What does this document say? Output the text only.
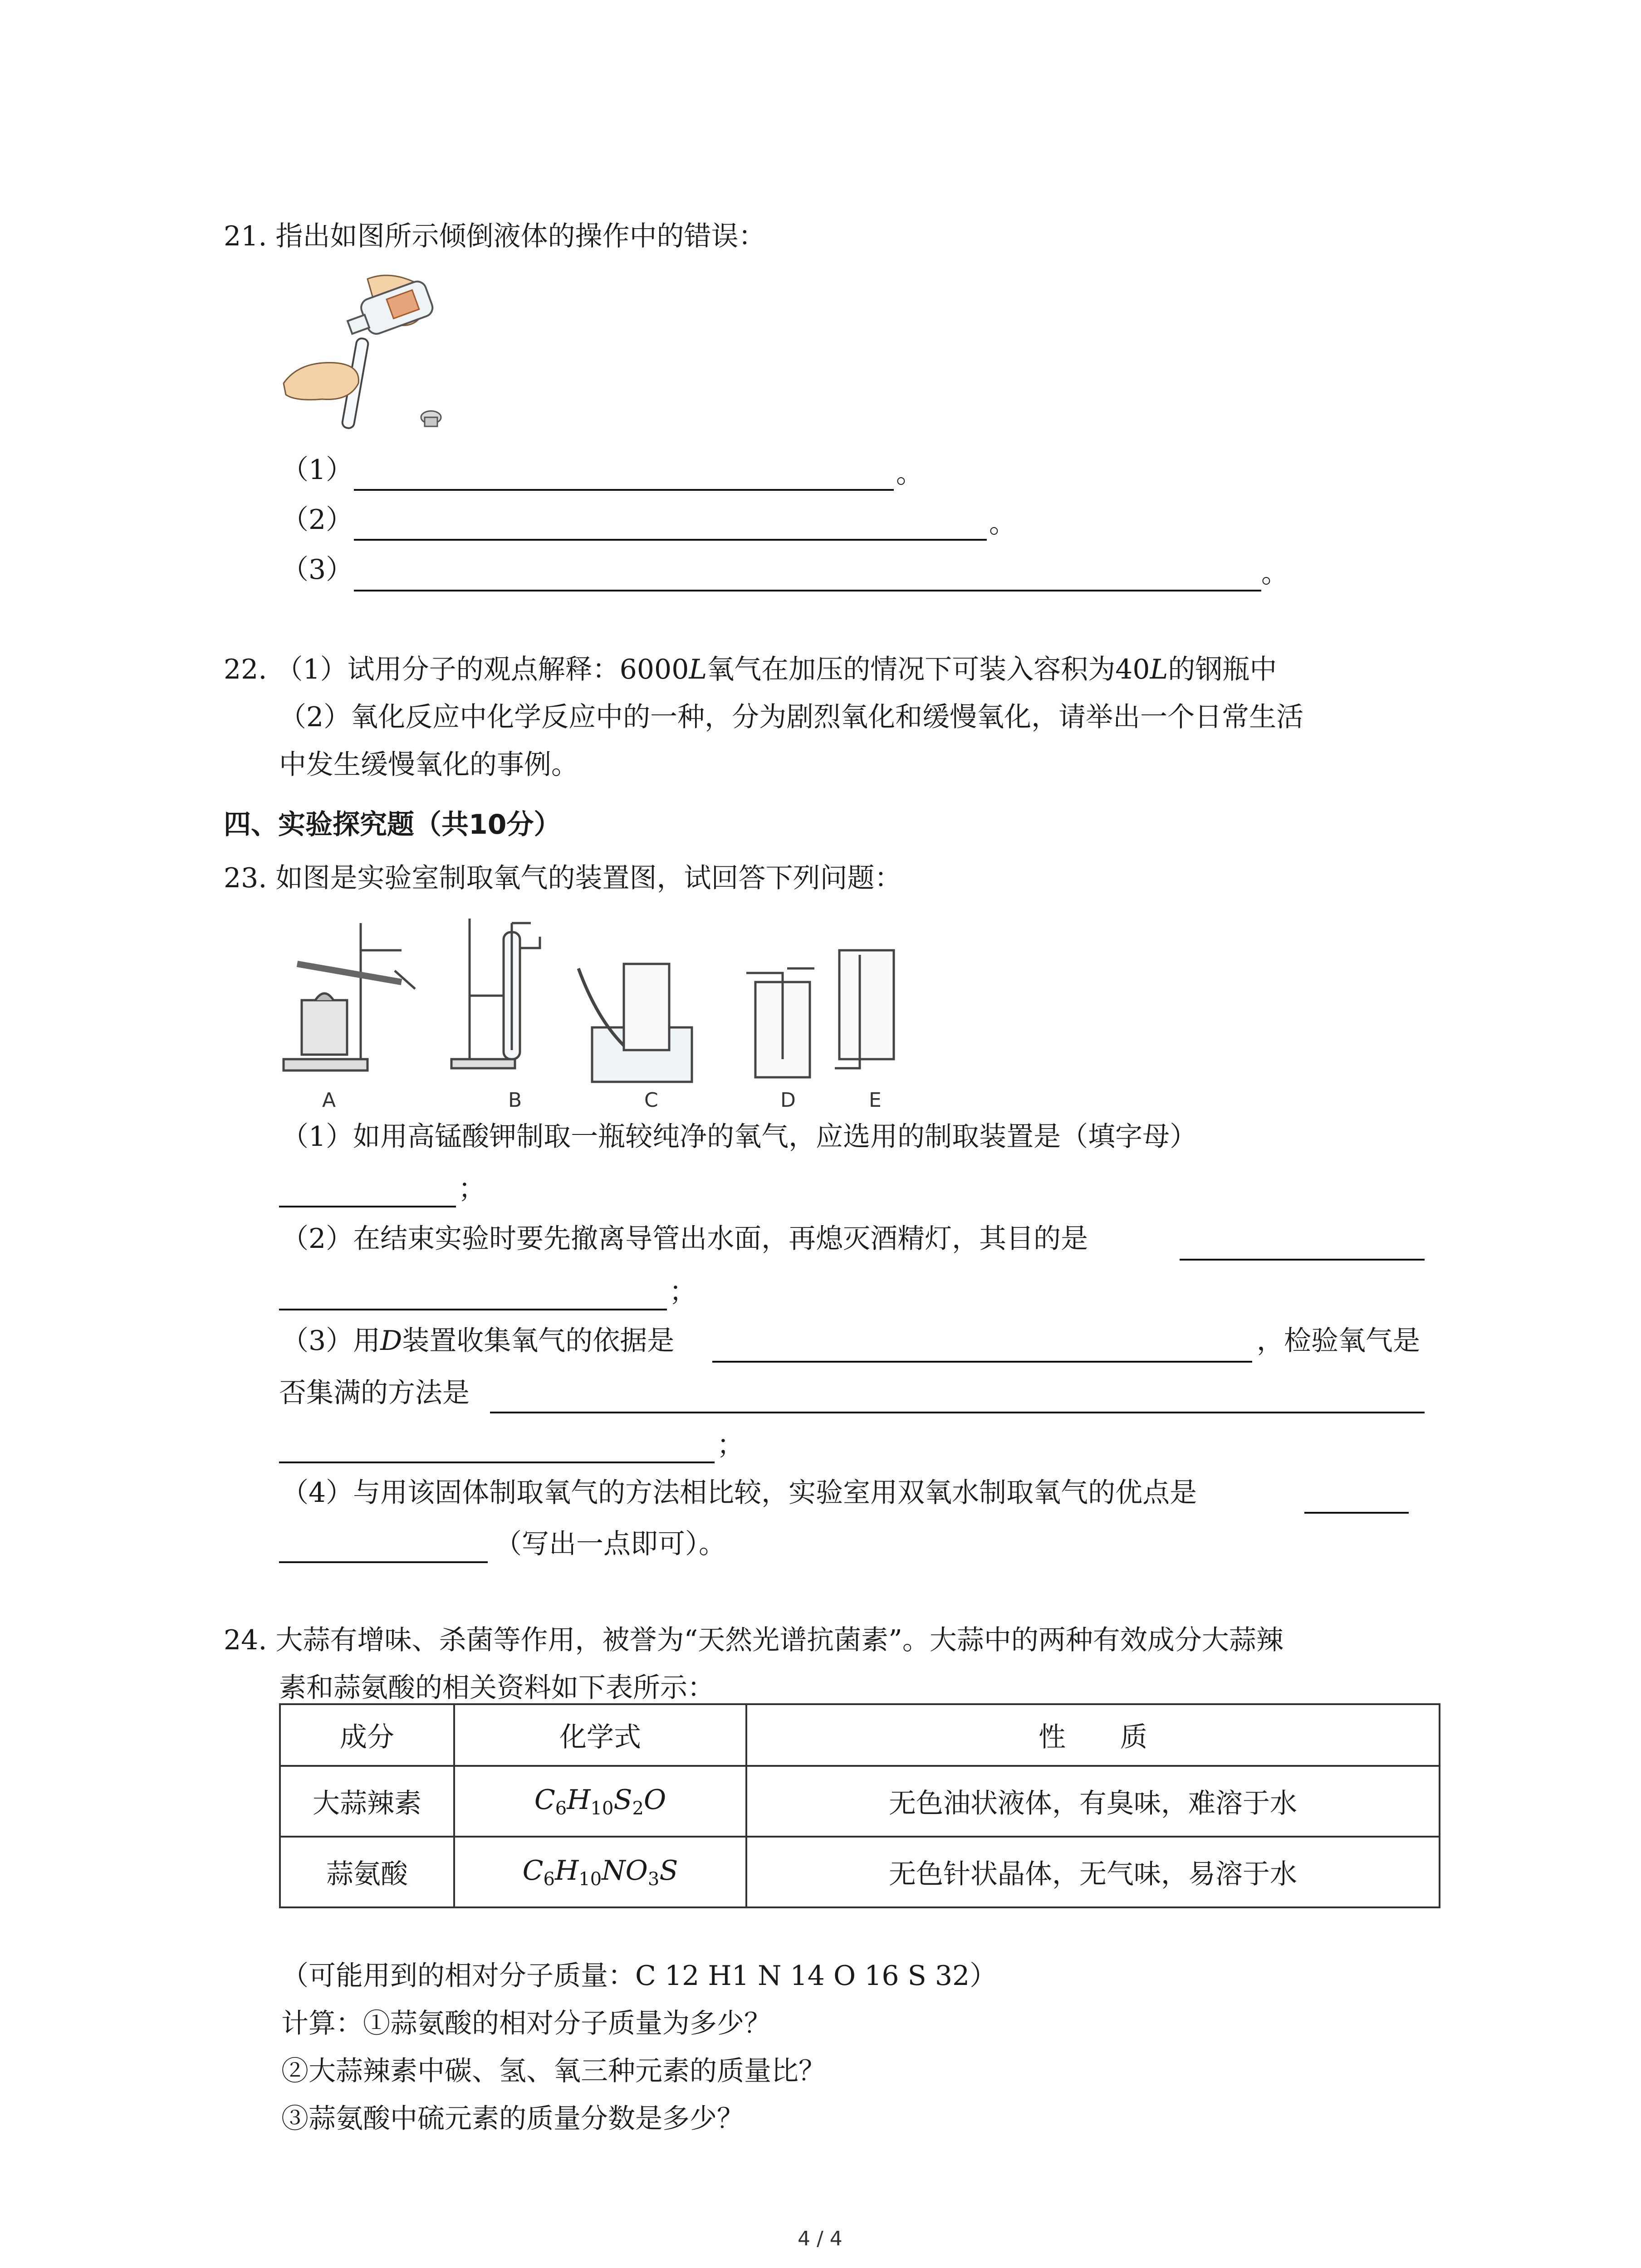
21. 指出如图所示倾倒液体的操作中的错误：
（1）	。
（2）	。
（3）	。
22. （1）试用分子的观点解释：6000L氧气在加压的情况下可装入容积为40L的钢瓶中
（2）氧化反应中化学反应中的一种，分为剧烈氧化和缓慢氧化，请举出一个日常生活
中发生缓慢氧化的事例。
四、实验探究题（共10分）
23. 如图是实验室制取氧气的装置图，试回答下列问题：
A	B	C	D	E
（1）如用高锰酸钾制取一瓶较纯净的氧气，应选用的制取装置是（填字母）
；
（2）在结束实验时要先撤离导管出水面，再熄灭酒精灯，其目的是
；
（3）用D装置收集氧气的依据是	，检验氧气是
否集满的方法是
；
（4）与用该固体制取氧气的方法相比较，实验室用双氧水制取氧气的优点是
（写出一点即可）。
24. 大蒜有增味、杀菌等作用，被誉为“天然光谱抗菌素”。大蒜中的两种有效成分大蒜辣
素和蒜氨酸的相关资料如下表所示：
成分	化学式	性　　质
大蒜辣素	$C_6H_{10}S_2O$	无色油状液体，有臭味，难溶于水
蒜氨酸	$C_6H_{10}NO_3S$	无色针状晶体，无气味，易溶于水
（可能用到的相对分子质量：C 12 H1 N 14 O 16 S 32）
计算：①蒜氨酸的相对分子质量为多少？
②大蒜辣素中碳、氢、氧三种元素的质量比？
③蒜氨酸中硫元素的质量分数是多少？
4 / 4
